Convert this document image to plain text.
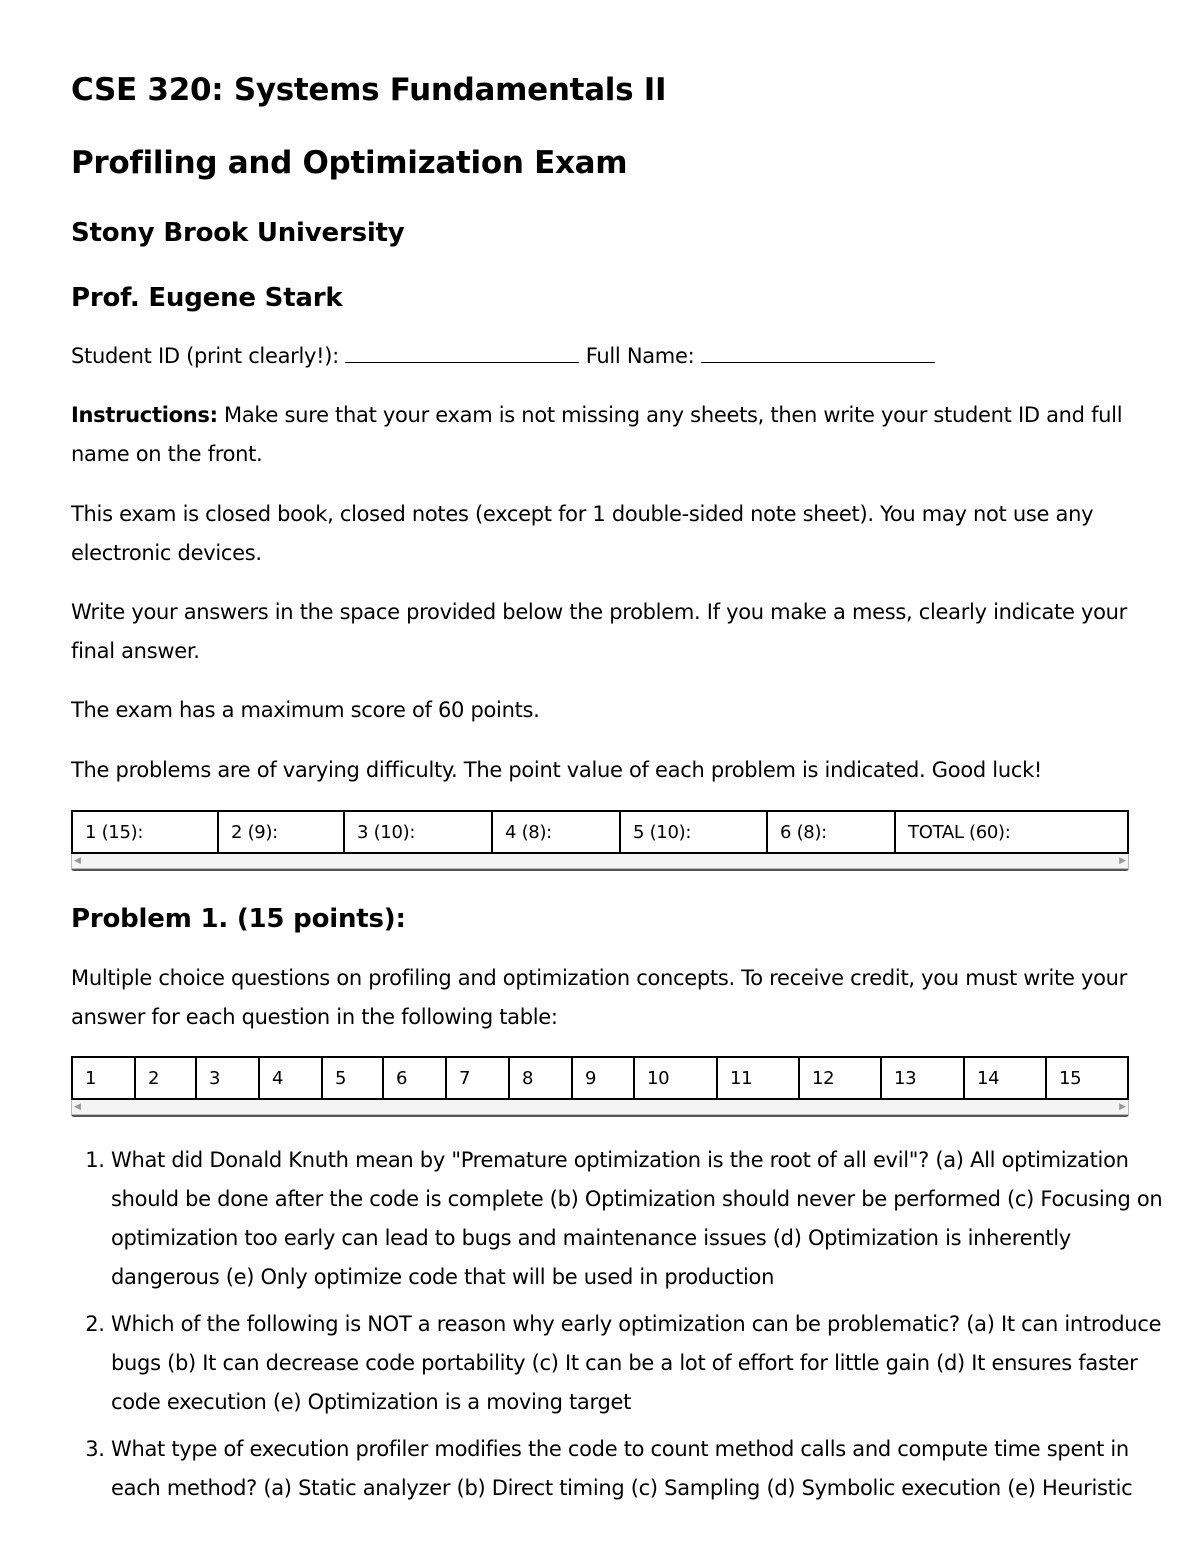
CSE 320: Systems Fundamentals II
Profiling and Optimization Exam
Stony Brook University
Prof. Eugene Stark

Student ID (print clearly!):	Full Name:

Instructions: Make sure that your exam is not missing any sheets, then write your student ID and full name on the front.

This exam is closed book, closed notes (except for 1 double-sided note sheet). You may not use any electronic devices.

Write your answers in the space provided below the problem. If you make a mess, clearly indicate your final answer.

The exam has a maximum score of 60 points.

The problems are of varying difficulty. The point value of each problem is indicated. Good luck!

1 (15):	2 (9):	3 (10):	4 (8):	5 (10):	6 (8):	TOTAL (60):
◀	▶
Problem 1. (15 points):

Multiple choice questions on profiling and optimization concepts. To receive credit, you must write your answer for each question in the following table:

1	2	3	4	5	6	7	8	9	10	11	12	13	14	15
◀	▶
1. What did Donald Knuth mean by "Premature optimization is the root of all evil"? (a) All optimization should be done after the code is complete (b) Optimization should never be performed (c) Focusing on optimization too early can lead to bugs and maintenance issues (d) Optimization is inherently dangerous (e) Only optimize code that will be used in production
2. Which of the following is NOT a reason why early optimization can be problematic? (a) It can introduce bugs (b) It can decrease code portability (c) It can be a lot of effort for little gain (d) It ensures faster code execution (e) Optimization is a moving target
3. What type of execution profiler modifies the code to count method calls and compute time spent in each method? (a) Static analyzer (b) Direct timing (c) Sampling (d) Symbolic execution (e) Heuristic
